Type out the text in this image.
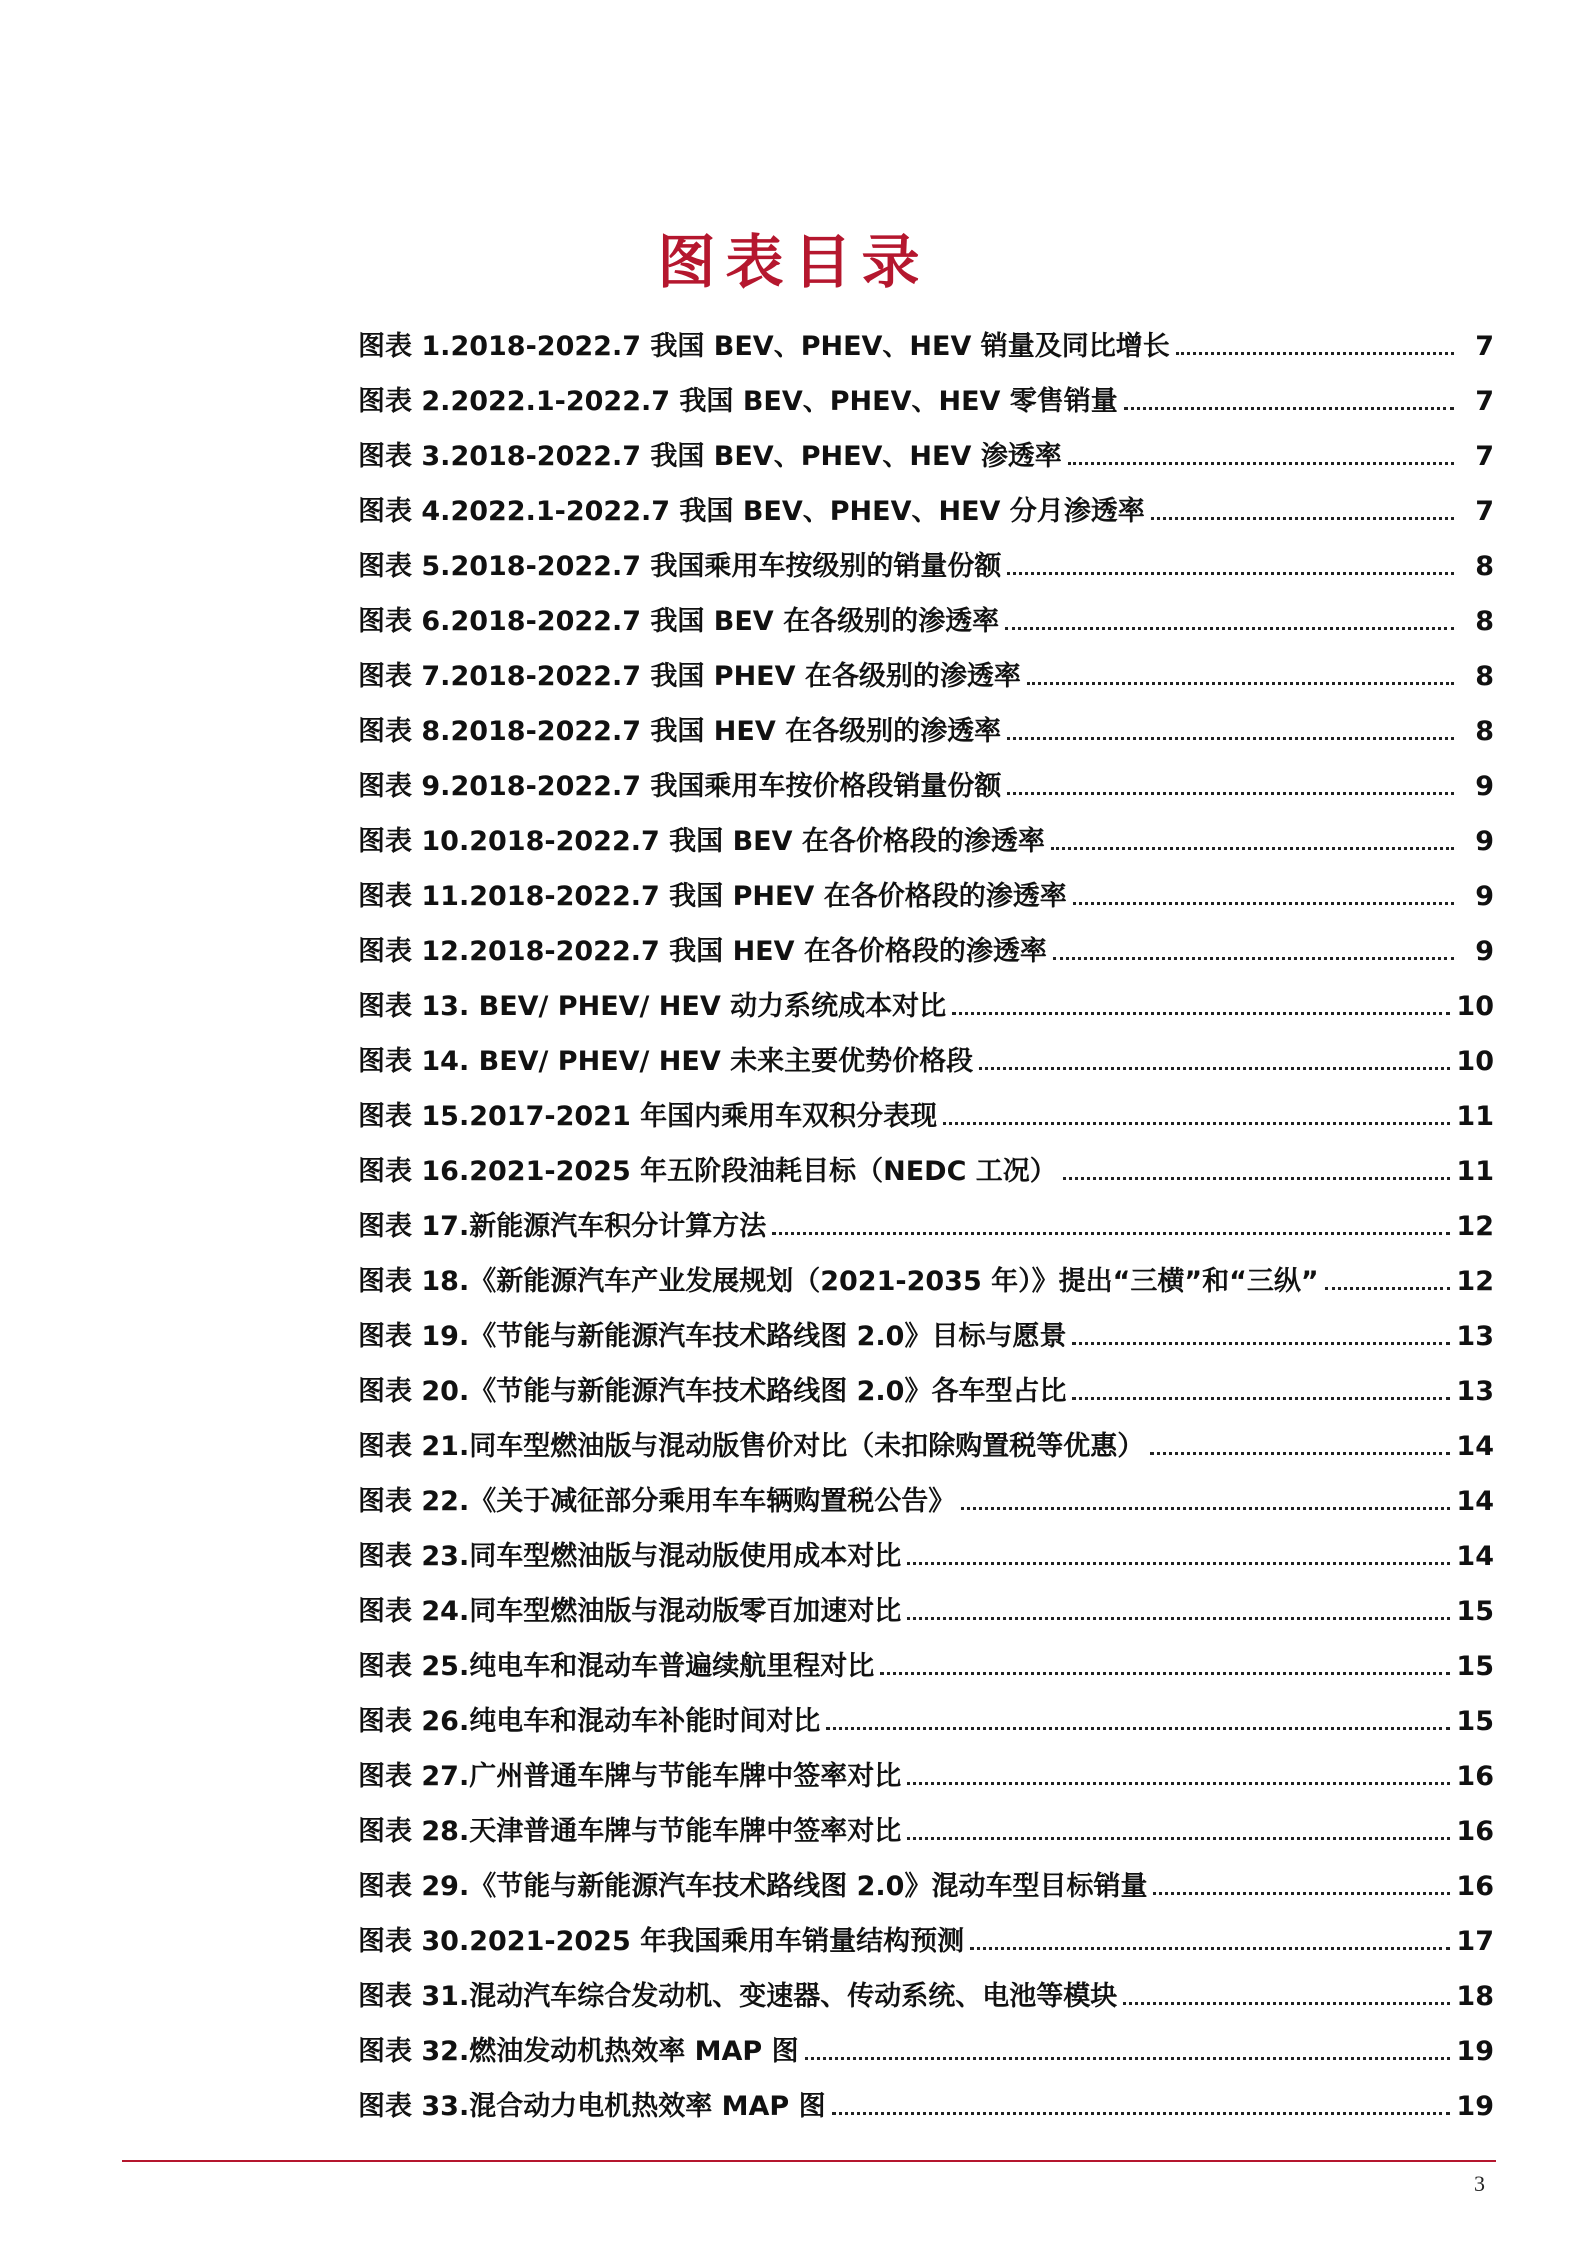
图表目录
图表 1.2018-2022.7 我国 BEV、PHEV、HEV 销量及同比增长	7
图表 2.2022.1-2022.7 我国 BEV、PHEV、HEV 零售销量	7
图表 3.2018-2022.7 我国 BEV、PHEV、HEV 渗透率	7
图表 4.2022.1-2022.7 我国 BEV、PHEV、HEV 分月渗透率	7
图表 5.2018-2022.7 我国乘用车按级别的销量份额	8
图表 6.2018-2022.7 我国 BEV 在各级别的渗透率	8
图表 7.2018-2022.7 我国 PHEV 在各级别的渗透率	8
图表 8.2018-2022.7 我国 HEV 在各级别的渗透率	8
图表 9.2018-2022.7 我国乘用车按价格段销量份额	9
图表 10.2018-2022.7 我国 BEV 在各价格段的渗透率	9
图表 11.2018-2022.7 我国 PHEV 在各价格段的渗透率	9
图表 12.2018-2022.7 我国 HEV 在各价格段的渗透率	9
图表 13. BEV/ PHEV/ HEV 动力系统成本对比	10
图表 14. BEV/ PHEV/ HEV 未来主要优势价格段	10
图表 15.2017-2021 年国内乘用车双积分表现	11
图表 16.2021-2025 年五阶段油耗目标（NEDC 工况）	11
图表 17.新能源汽车积分计算方法	12
图表 18.《新能源汽车产业发展规划（2021-2035 年）》提出“三横”和“三纵”	12
图表 19.《节能与新能源汽车技术路线图 2.0》目标与愿景	13
图表 20.《节能与新能源汽车技术路线图 2.0》各车型占比	13
图表 21.同车型燃油版与混动版售价对比（未扣除购置税等优惠）	14
图表 22.《关于减征部分乘用车车辆购置税公告》	14
图表 23.同车型燃油版与混动版使用成本对比	14
图表 24.同车型燃油版与混动版零百加速对比	15
图表 25.纯电车和混动车普遍续航里程对比	15
图表 26.纯电车和混动车补能时间对比	15
图表 27.广州普通车牌与节能车牌中签率对比	16
图表 28.天津普通车牌与节能车牌中签率对比	16
图表 29.《节能与新能源汽车技术路线图 2.0》混动车型目标销量	16
图表 30.2021-2025 年我国乘用车销量结构预测	17
图表 31.混动汽车综合发动机、变速器、传动系统、电池等模块	18
图表 32.燃油发动机热效率 MAP 图	19
图表 33.混合动力电机热效率 MAP 图	19
3
